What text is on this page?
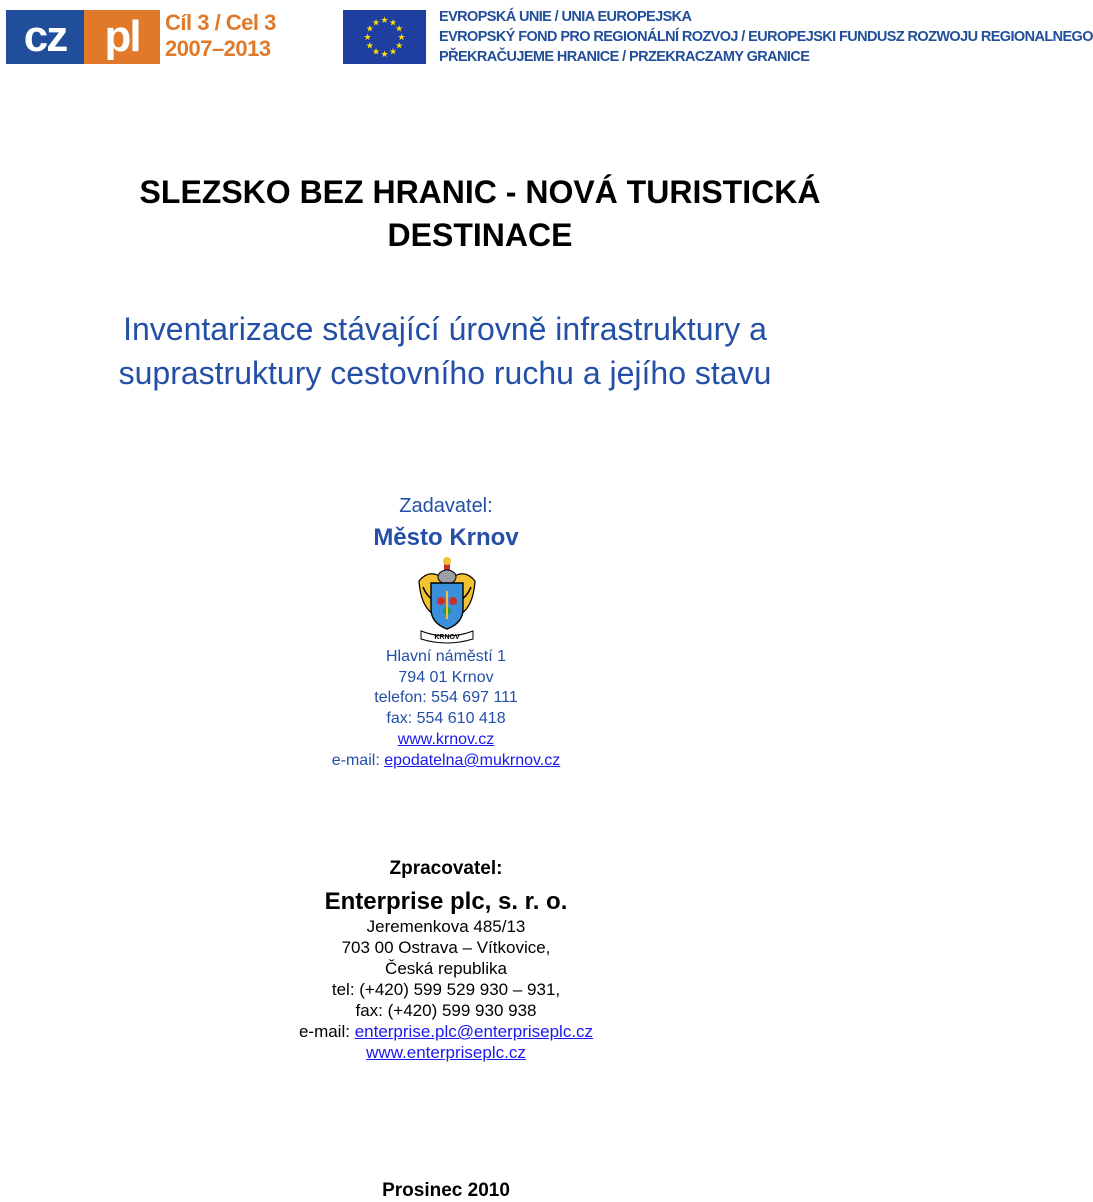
cz pl	Cíl 3 / Cel 3
2007–2013
★ ★
★
★
★
★
★
★
★
★
★
★	EVROPSKÁ UNIE / UNIA EUROPEJSKA
EVROPSKÝ FOND PRO REGIONÁLNÍ ROZVOJ / EUROPEJSKI FUNDUSZ ROZWOJU REGIONALNEGO
PŘEKRAČUJEME HRANICE / PRZEKRACZAMY GRANICE
SLEZSKO BEZ HRANIC - NOVÁ TURISTICKÁ
DESTINACE
Inventarizace stávající úrovně infrastruktury a
suprastruktury cestovního ruchu a jejího stavu
Zadavatel:
Město Krnov
KRNOV
Hlavní náměstí 1
794 01 Krnov
telefon: 554 697 111
fax: 554 610 418
www.krnov.cz
e-mail: epodatelna@mukrnov.cz
Zpracovatel:
Enterprise plc, s. r. o.
Jeremenkova 485/13
703 00 Ostrava – Vítkovice,
Česká republika
tel: (+420) 599 529 930 – 931,
fax: (+420) 599 930 938
e-mail: enterprise.plc@enterpriseplc.cz
www.enterpriseplc.cz
Prosinec 2010
